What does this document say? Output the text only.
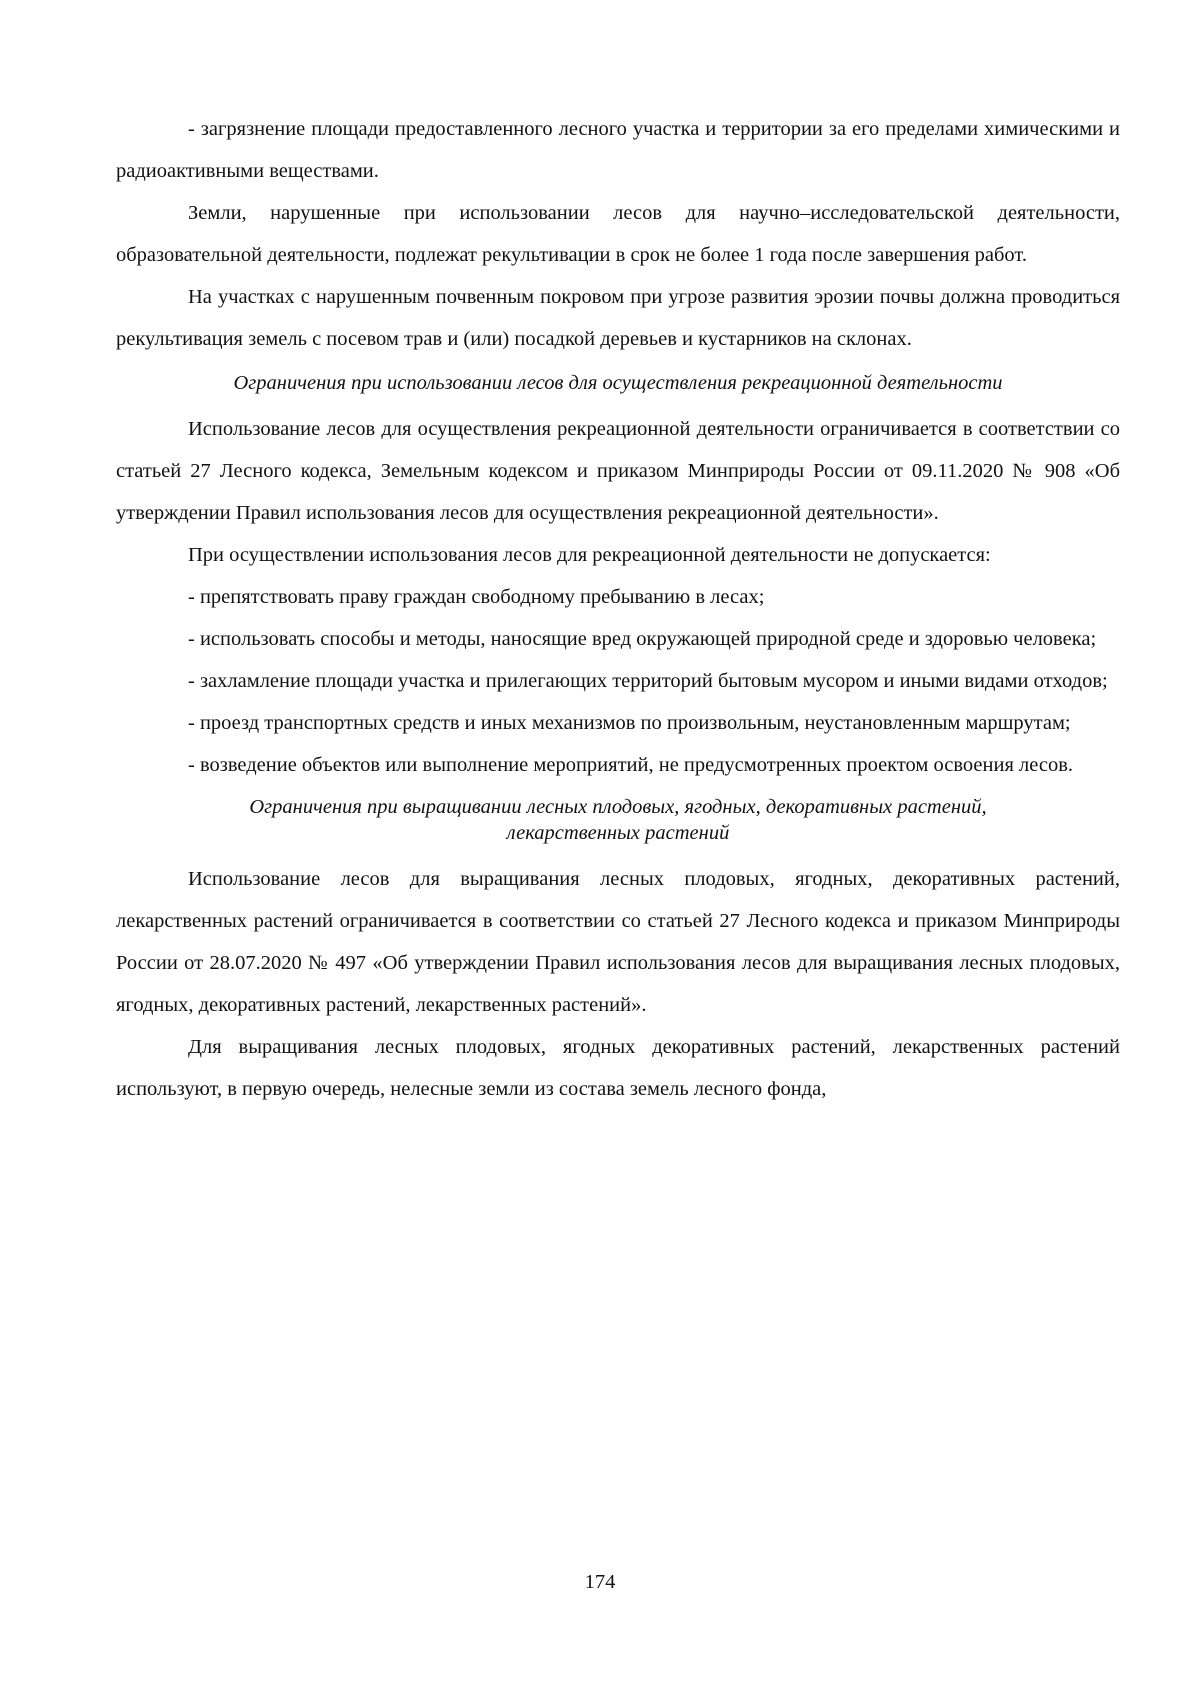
- загрязнение площади предоставленного лесного участка и территории за его пределами химическими и радиоактивными веществами.

Земли, нарушенные при использовании лесов для научно–исследовательской деятельности, образовательной деятельности, подлежат рекультивации в срок не более 1 года после завершения работ.

На участках с нарушенным почвенным покровом при угрозе развития эрозии почвы должна проводиться рекультивация земель с посевом трав и (или) посадкой деревьев и кустарников на склонах.

Ограничения при использовании лесов для осуществления рекреационной деятельности

Использование лесов для осуществления рекреационной деятельности ограничивается в соответствии со статьей 27 Лесного кодекса, Земельным кодексом и приказом Минприроды России от 09.11.2020 № 908 «Об утверждении Правил использования лесов для осуществления рекреационной деятельности».

При осуществлении использования лесов для рекреационной деятельности не допускается:

- препятствовать праву граждан свободному пребыванию в лесах;

- использовать способы и методы, наносящие вред окружающей природной среде и здоровью человека;

- захламление площади участка и прилегающих территорий бытовым мусором и иными видами отходов;

- проезд транспортных средств и иных механизмов по произвольным, неустановленным маршрутам;

- возведение объектов или выполнение мероприятий, не предусмотренных проектом освоения лесов.

Ограничения при выращивании лесных плодовых, ягодных, декоративных растений,
лекарственных растений

Использование лесов для выращивания лесных плодовых, ягодных, декоративных растений, лекарственных растений ограничивается в соответствии со статьей 27 Лесного кодекса и приказом Минприроды России от 28.07.2020 № 497 «Об утверждении Правил использования лесов для выращивания лесных плодовых, ягодных, декоративных растений, лекарственных растений».

Для выращивания лесных плодовых, ягодных декоративных растений, лекарственных растений используют, в первую очередь, нелесные земли из состава земель лесного фонда,

174
